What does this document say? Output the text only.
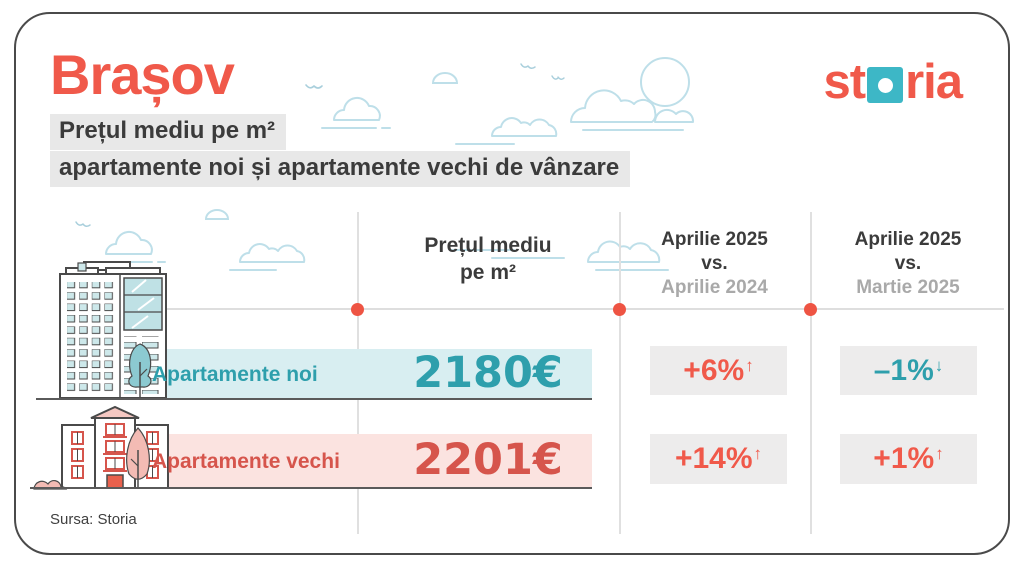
Brașov
Prețul mediu pe m²
apartamente noi și apartamente vechi de vânzare
st ria
Prețul mediu
pe m²
Aprilie 2025
vs.
Aprilie 2024
Aprilie 2025
vs.
Martie 2025
Apartamente noi	2180€	+6%↑	–1%↓
Apartamente vechi	2201€	+14%↑	+1%↑
Sursa: Storia
